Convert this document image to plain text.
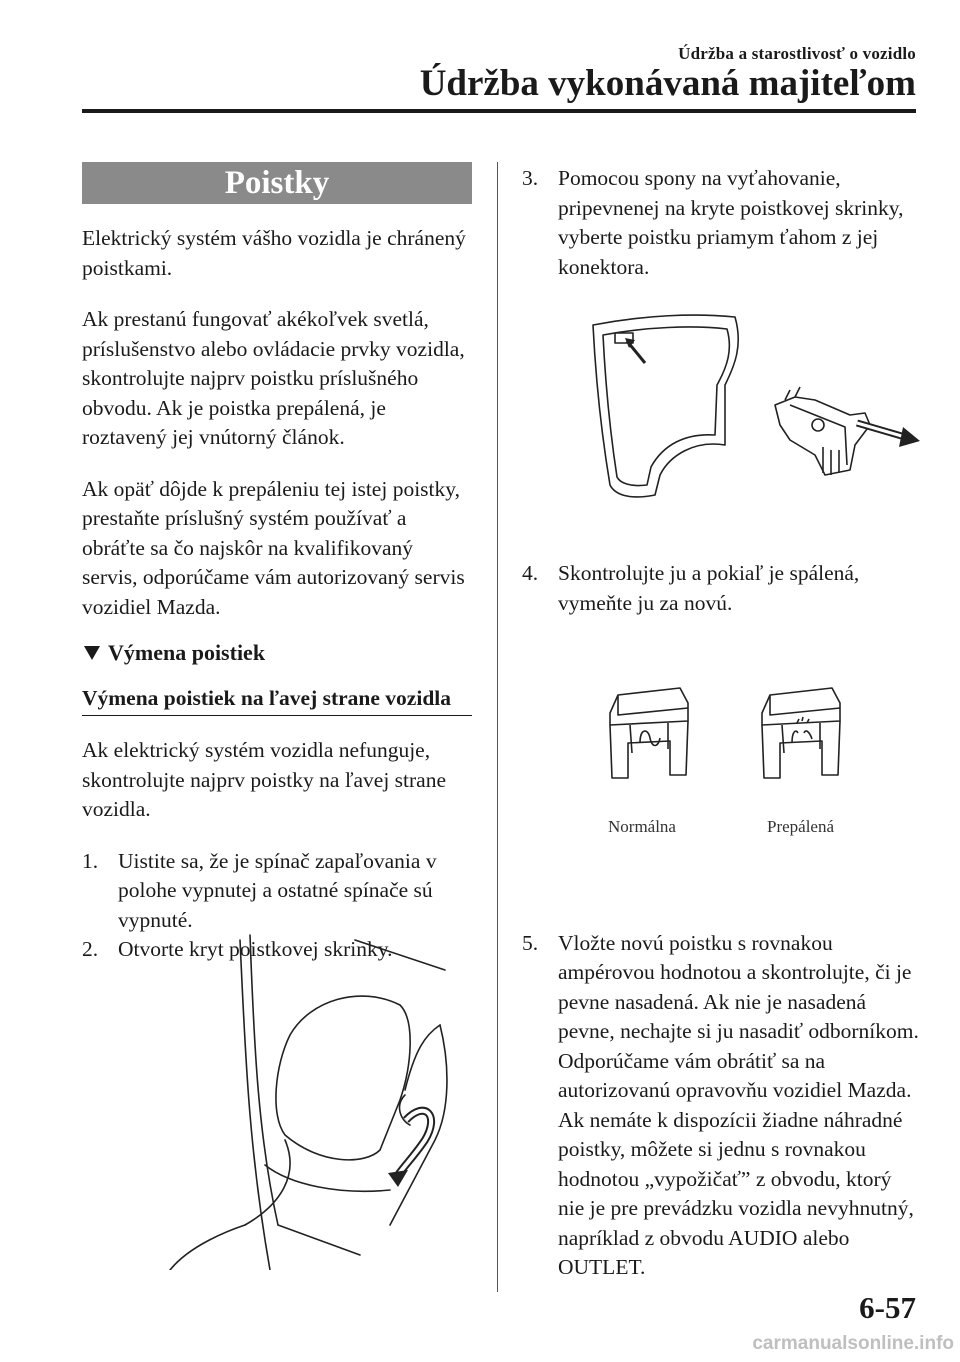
Údržba a starostlivosť o vozidlo
Údržba vykonávaná majiteľom
Poistky

Elektrický systém vášho vozidla je chránený poistkami.

Ak prestanú fungovať akékoľvek svetlá, príslušenstvo alebo ovládacie prvky vozidla, skontrolujte najprv poistku príslušného obvodu. Ak je poistka prepálená, je roztavený jej vnútorný článok.

Ak opäť dôjde k prepáleniu tej istej poistky, prestaňte príslušný systém používať a obráťte sa čo najskôr na kvalifikovaný servis, odporúčame vám autorizovaný servis vozidiel Mazda.

Výmena poistiek
Výmena poistiek na ľavej strane vozidla

Ak elektrický systém vozidla nefunguje, skontrolujte najprv poistky na ľavej strane vozidla.

1. Uistite sa, že je spínač zapaľovania v polohe vypnutej a ostatné spínače sú vypnuté.
2. Otvorte kryt poistkovej skrinky.
3. Pomocou spony na vyťahovanie, pripevnenej na kryte poistkovej skrinky, vyberte poistku priamym ťahom z jej konektora.
4. Skontrolujte ju a pokiaľ je spálená, vymeňte ju za novú.
Normálna	Prepálená

5. Vložte novú poistku s rovnakou ampérovou hodnotou a skontrolujte, či je pevne nasadená. Ak nie je nasadená pevne, nechajte si ju nasadiť odborníkom. Odporúčame vám obrátiť sa na autorizovanú opravovňu vozidiel Mazda.
Ak nemáte k dispozícii žiadne náhradné poistky, môžete si jednu s rovnakou hodnotou „vypožičať” z obvodu, ktorý nie je pre prevádzku vozidla nevyhnutný, napríklad z obvodu AUDIO alebo OUTLET.

6-57
carmanualsonline.info
